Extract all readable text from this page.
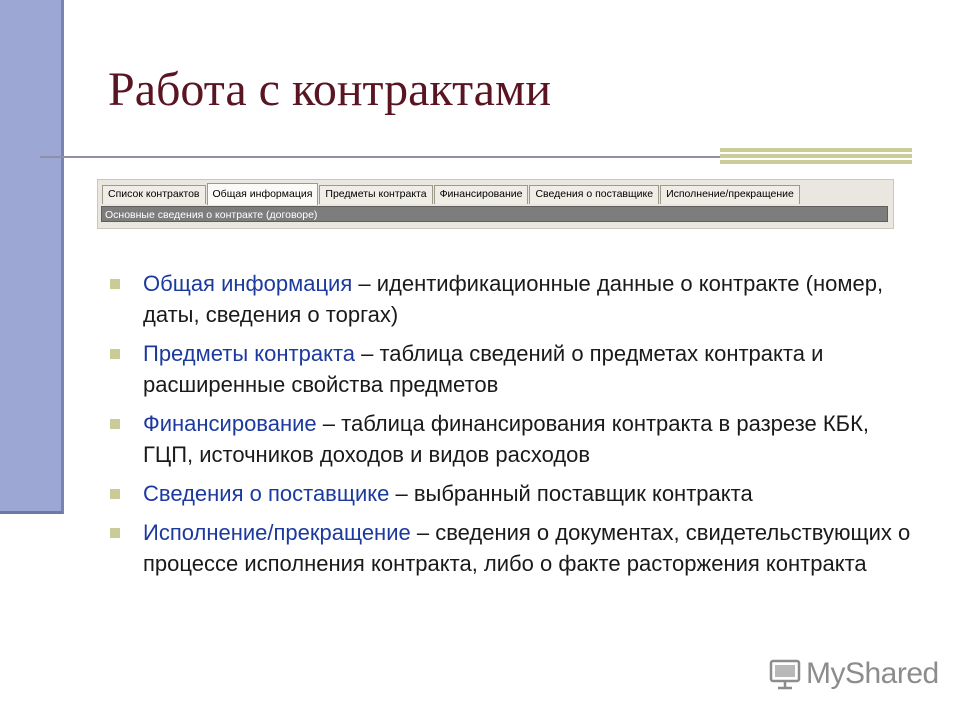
Работа с контрактами
Список контрактов	Общая информация	Предметы контракта	Финансирование	Сведения о поставщике	Исполнение/прекращение
Основные сведения о контракте (договоре)
Общая информация – идентификационные данные о контракте (номер, даты, сведения о торгах)
Предметы контракта – таблица сведений о предметах контракта и расширенные свойства предметов
Финансирование – таблица финансирования контракта в разрезе КБК, ГЦП, источников доходов и видов расходов
Сведения о поставщике – выбранный поставщик контракта
Исполнение/прекращение – сведения о документах, свидетельствующих о процессе исполнения контракта, либо о факте расторжения контракта
MyShared
